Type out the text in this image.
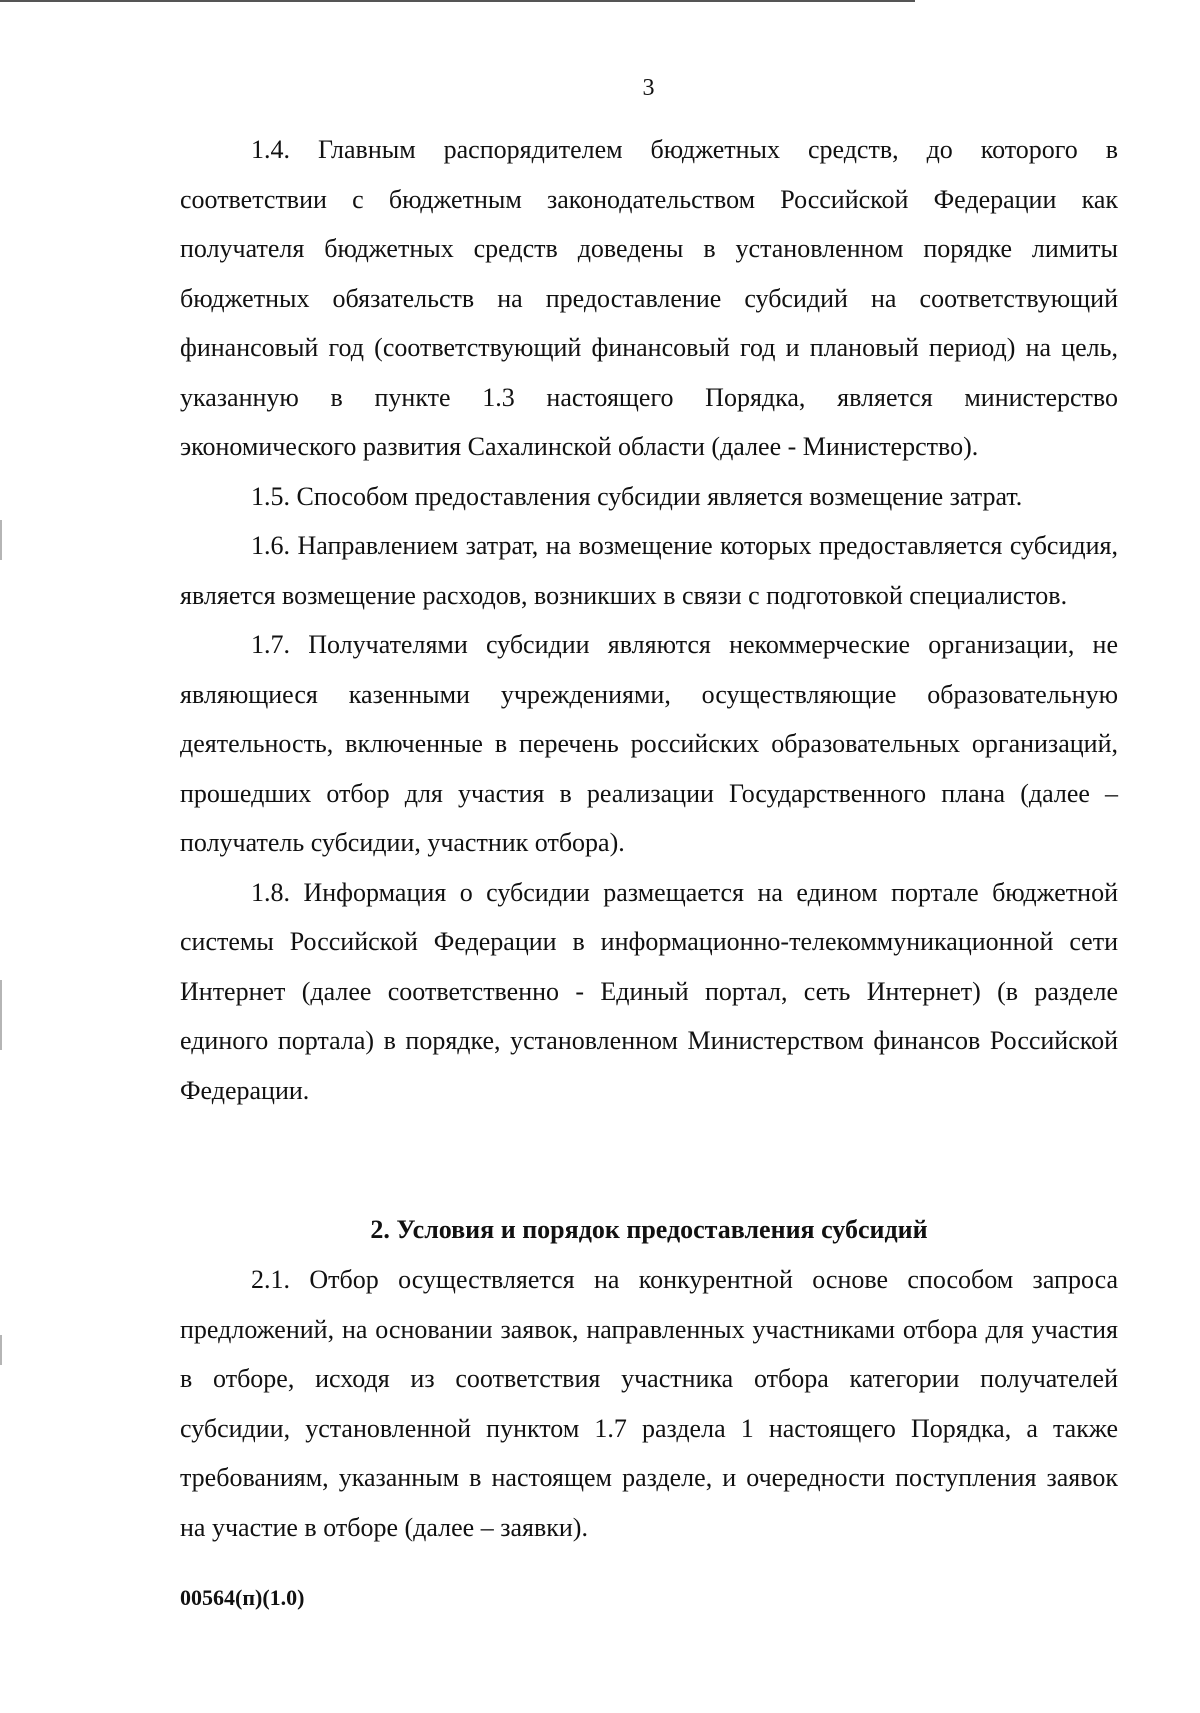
3

1.4. Главным распорядителем бюджетных средств, до которого в соответствии с бюджетным законодательством Российской Федерации как получателя бюджетных средств доведены в установленном порядке лимиты бюджетных обязательств на предоставление субсидий на соответствующий финансовый год (соответствующий финансовый год и плановый период) на цель, указанную в пункте 1.3 настоящего Порядка, является министерство экономического развития Сахалинской области (далее - Министерство).

1.5. Способом предоставления субсидии является возмещение затрат.

1.6. Направлением затрат, на возмещение которых предоставляется субсидия, является возмещение расходов, возникших в связи с подготовкой специалистов.

1.7. Получателями субсидии являются некоммерческие организации, не являющиеся казенными учреждениями, осуществляющие образовательную деятельность, включенные в перечень российских образовательных организаций, прошедших отбор для участия в реализации Государственного плана (далее – получатель субсидии, участник отбора).

1.8. Информация о субсидии размещается на едином портале бюджетной системы Российской Федерации в информационно-телекоммуникационной сети Интернет (далее соответственно - Единый портал, сеть Интернет) (в разделе единого портала) в порядке, установленном Министерством финансов Российской Федерации.

2. Условия и порядок предоставления субсидий

2.1. Отбор осуществляется на конкурентной основе способом запроса предложений, на основании заявок, направленных участниками отбора для участия в отборе, исходя из соответствия участника отбора категории получателей субсидии, установленной пунктом 1.7 раздела 1 настоящего Порядка, а также требованиям, указанным в настоящем разделе, и очередности поступления заявок на участие в отборе (далее – заявки).

00564(п)(1.0)
